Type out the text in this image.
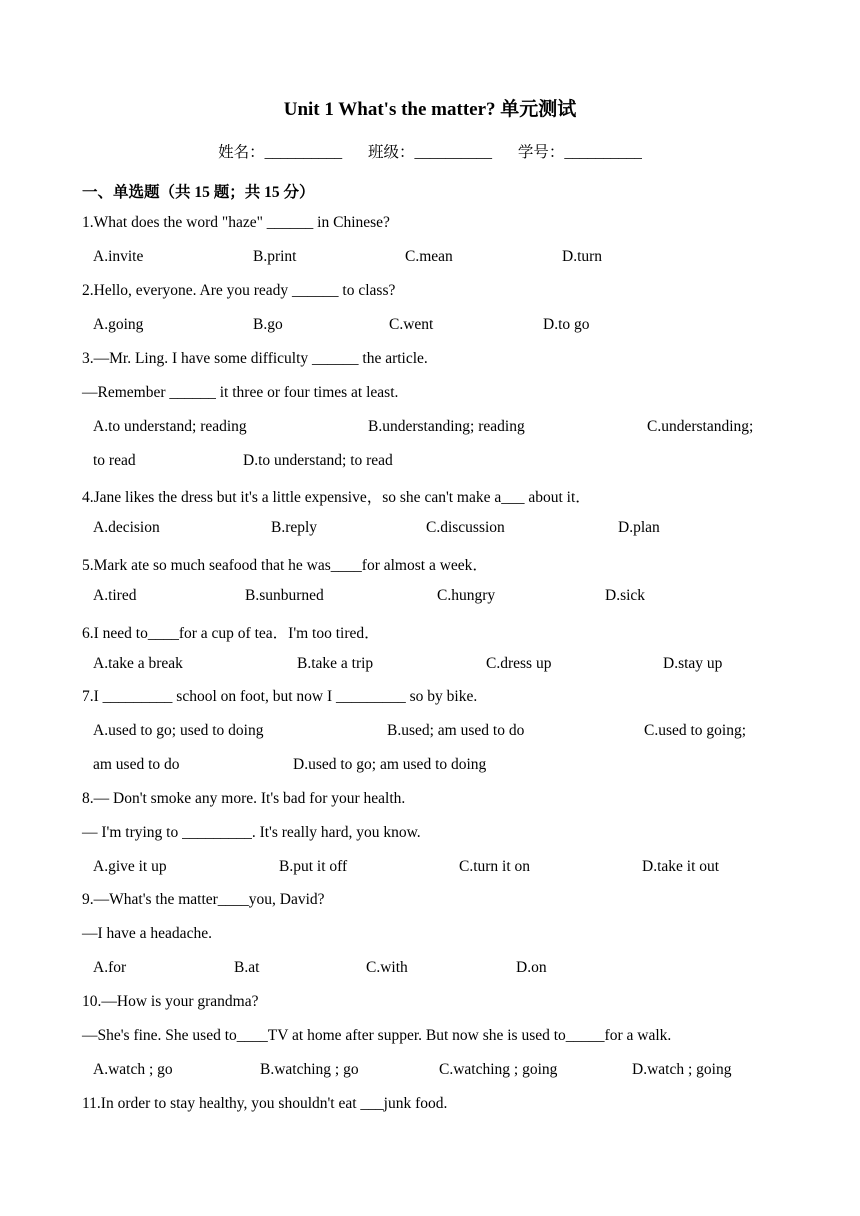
Unit 1 What's the matter? 单元测试
姓名：__________ 班级：__________ 学号：__________
一、单选题（共 15 题；共 15 分）
1.What does the word "haze" ______ in Chinese?
A.invite	B.print	C.mean	D.turn
2.Hello, everyone. Are you ready ______ to class?
A.going	B.go	C.went	D.to go
3.—Mr. Ling. I have some difficulty ______ the article.
—Remember ______ it three or four times at least.
A.to understand; reading	B.understanding; reading	C.understanding;
to read	D.to understand; to read
4.Jane likes the dress but it's a little expensive，so she can't make a___ about it．
A.decision	B.reply	C.discussion	D.plan
5.Mark ate so much seafood that he was____for almost a week．
A.tired	B.sunburned	C.hungry	D.sick
6.I need to____for a cup of tea．I'm too tired．
A.take a break	B.take a trip	C.dress up	D.stay up
7.I _________ school on foot, but now I _________ so by bike.
A.used to go; used to doing	B.used; am used to do	C.used to going;
am used to do	D.used to go; am used to doing
8.— Don't smoke any more. It's bad for your health.
— I'm trying to _________. It's really hard, you know.
A.give it up	B.put it off	C.turn it on	D.take it out
9.—What's the matter____you, David?
—I have a headache.
A.for	B.at	C.with	D.on
10.—How is your grandma?
—She's fine. She used to____TV at home after supper. But now she is used to_____for a walk.
A.watch ; go	B.watching ; go	C.watching ; going	D.watch ; going
11.In order to stay healthy, you shouldn't eat ___junk food.
